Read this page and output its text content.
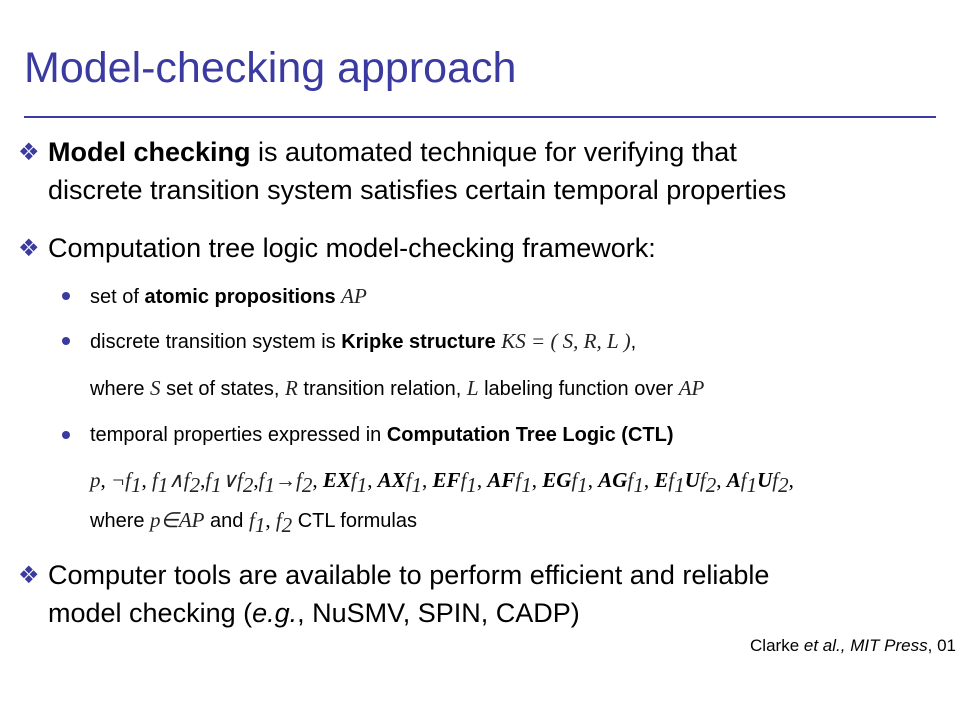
Model-checking approach
❖ Model checking is automated technique for verifying that
discrete transition system satisfies certain temporal properties
❖ Computation tree logic model-checking framework:
set of atomic propositions AP
discrete transition system is Kripke structure KS = ( S, R, L ),
where S set of states, R transition relation, L labeling function over AP
temporal properties expressed in Computation Tree Logic (CTL)
p, $\neg f_1$, $f_1\wedge f_2,f_1\vee f_2,f_1\to f_2$, EXf$_1$, AXf$_1$, EFf$_1$, AFf$_1$, EGf$_1$, AGf$_1$, $Ef_1Uf_2$, $Af_1Uf_2$,
where p∈AP and $f_1$, $f_2$ CTL formulas
❖ Computer tools are available to perform efficient and reliable
model checking (e.g., NuSMV, SPIN, CADP)
Clarke et al., MIT Press, 01
